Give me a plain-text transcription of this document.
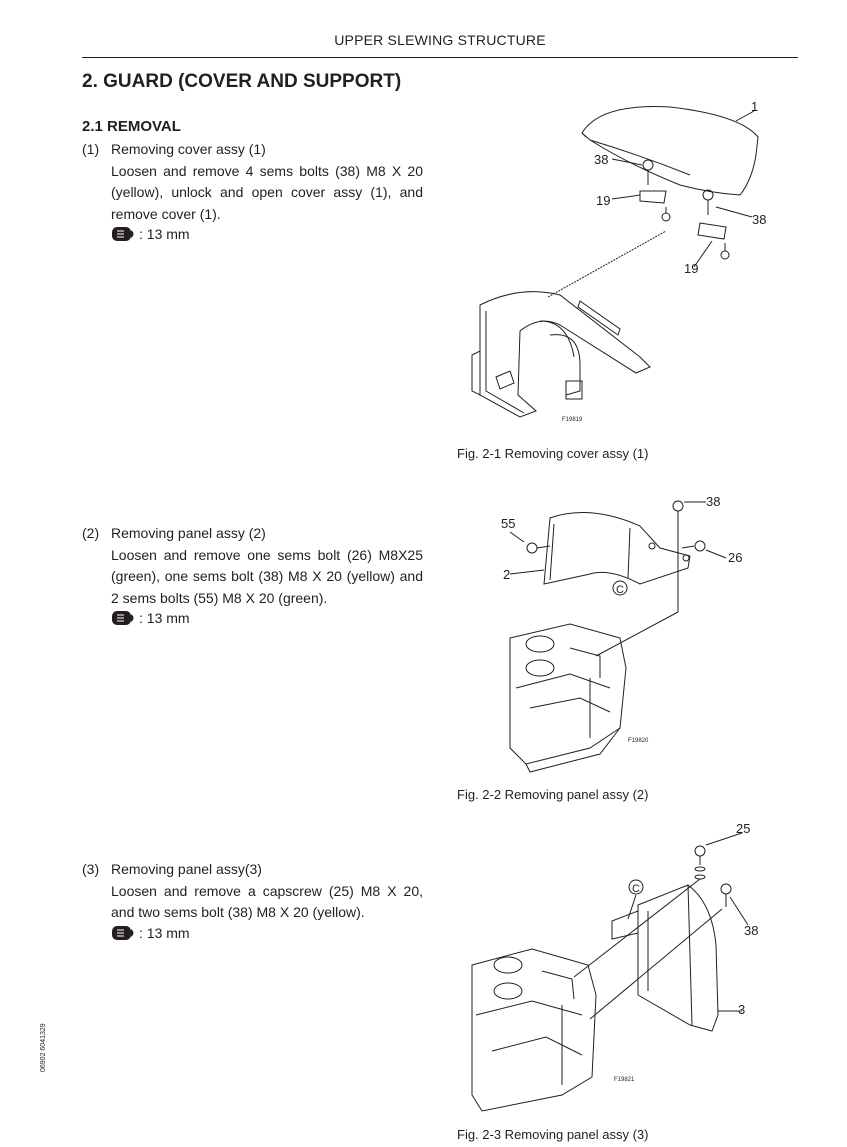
UPPER SLEWING STRUCTURE
2. GUARD (COVER AND SUPPORT)
2.1 REMOVAL
(1) Removing cover assy (1)
Loosen and remove 4 sems bolts (38) M8 X 20 (yellow), unlock and open cover assy (1), and remove cover (1).
: 13 mm
(2) Removing panel assy (2)
Loosen and remove one sems bolt (26) M8X25 (green), one sems bolt (38) M8 X 20 (yellow) and 2 sems bolts (55) M8 X 20 (green).
: 13 mm
(3) Removing panel assy(3)
Loosen and remove a capscrew (25) M8 X 20, and two sems bolt (38) M8 X 20 (yellow).
: 13 mm
F19819
1
38
19
38
19
Fig. 2-1 Removing cover assy (1)
F19820
38
55
26
2
C
Fig. 2-2 Removing panel assy (2)
F19821
25
C
38
3
Fig. 2-3 Removing panel assy (3)
06902 6041329
